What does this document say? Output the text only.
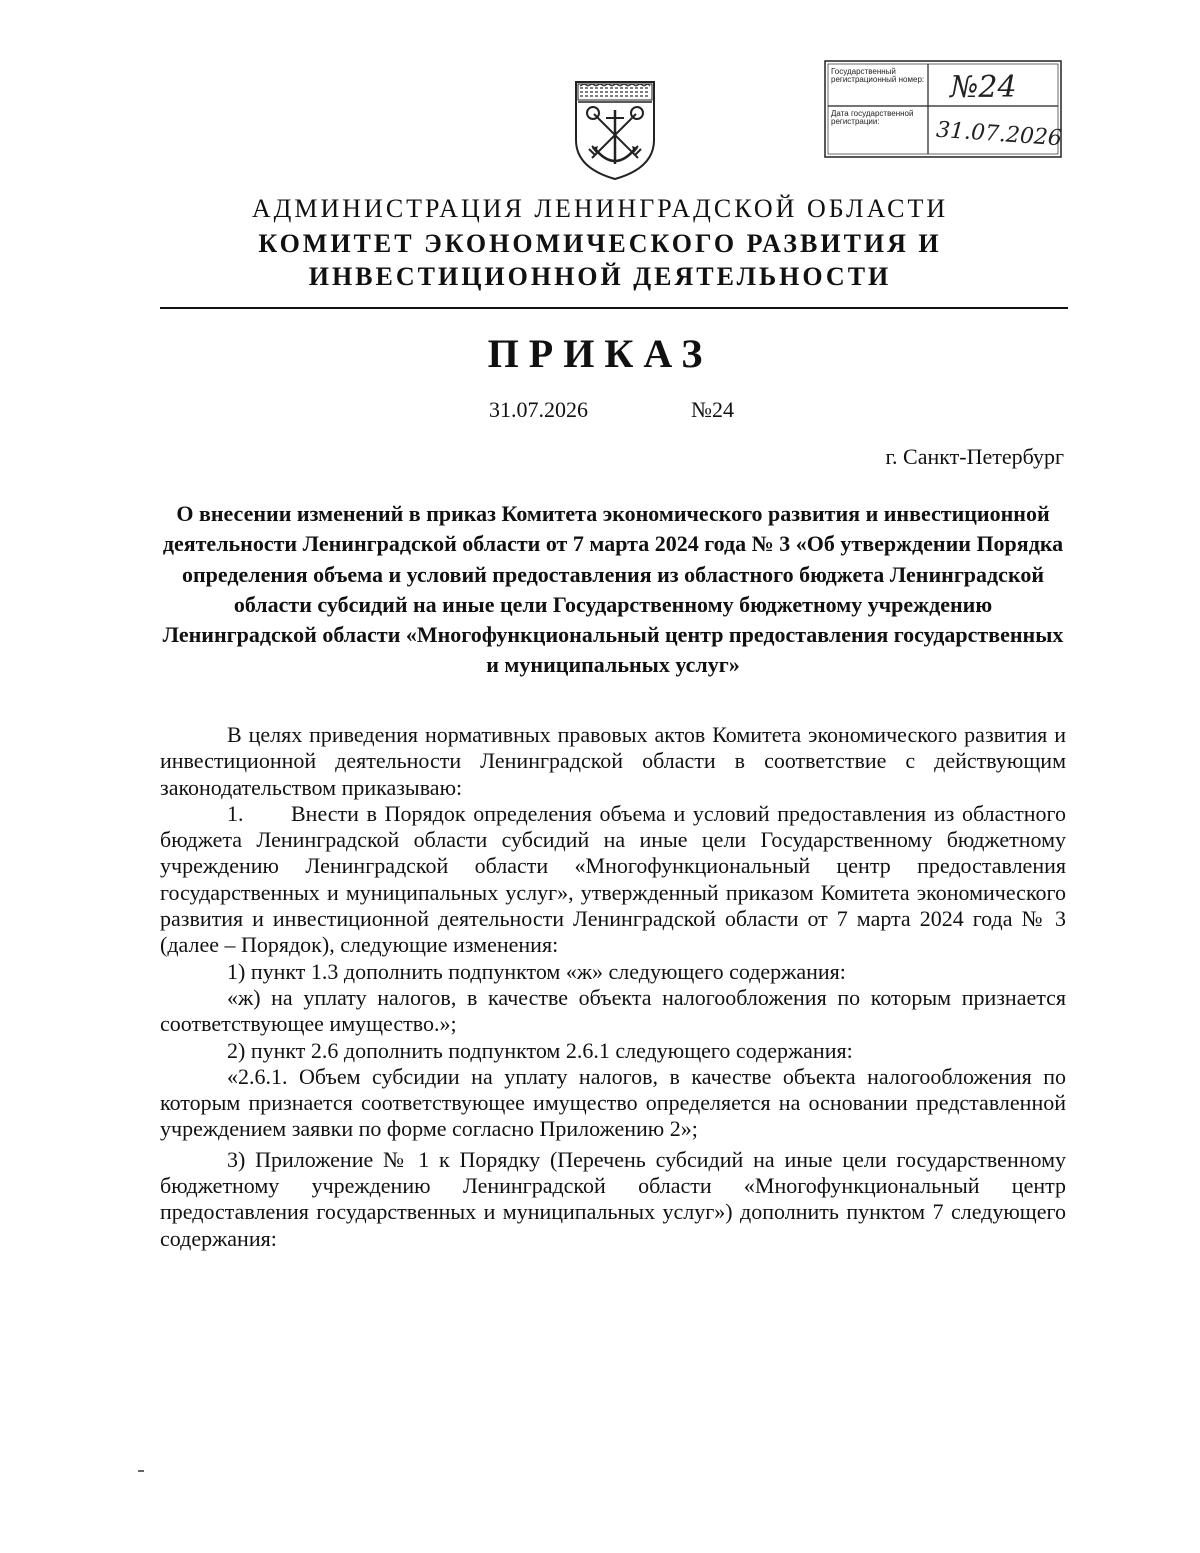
Государственный регистрационный номер: №24
Дата государственной регистрации:	31.07.2026
АДМИНИСТРАЦИЯ ЛЕНИНГРАДСКОЙ ОБЛАСТИ
КОМИТЕТ ЭКОНОМИЧЕСКОГО РАЗВИТИЯ И
ИНВЕСТИЦИОННОЙ ДЕЯТЕЛЬНОСТИ
ПРИКАЗ
31.07.2026	№24
г. Санкт-Петербург
О внесении изменений в приказ Комитета экономического развития и инвестиционной деятельности Ленинградской области от 7 марта 2024 года № 3 «Об утверждении Порядка определения объема и условий предоставления из областного бюджета Ленинградской области субсидий на иные цели Государственному бюджетному учреждению Ленинградской области «Многофункциональный центр предоставления государственных и муниципальных услуг»

В целях приведения нормативных правовых актов Комитета экономического развития и инвестиционной деятельности Ленинградской области в соответствие с действующим законодательством приказываю:

1. Внести в Порядок определения объема и условий предоставления из областного бюджета Ленинградской области субсидий на иные цели Государственному бюджетному учреждению Ленинградской области «Многофункциональный центр предоставления государственных и муниципальных услуг», утвержденный приказом Комитета экономического развития и инвестиционной деятельности Ленинградской области от 7 марта 2024 года № 3 (далее – Порядок), следующие изменения:

1) пункт 1.3 дополнить подпунктом «ж» следующего содержания:

«ж) на уплату налогов, в качестве объекта налогообложения по которым признается соответствующее имущество.»;

2) пункт 2.6 дополнить подпунктом 2.6.1 следующего содержания:

«2.6.1. Объем субсидии на уплату налогов, в качестве объекта налогообложения по которым признается соответствующее имущество определяется на основании представленной учреждением заявки по форме согласно Приложению 2»;

3) Приложение № 1 к Порядку (Перечень субсидий на иные цели государственному бюджетному учреждению Ленинградской области «Многофункциональный центр предоставления государственных и муниципальных услуг») дополнить пунктом 7 следующего содержания:
